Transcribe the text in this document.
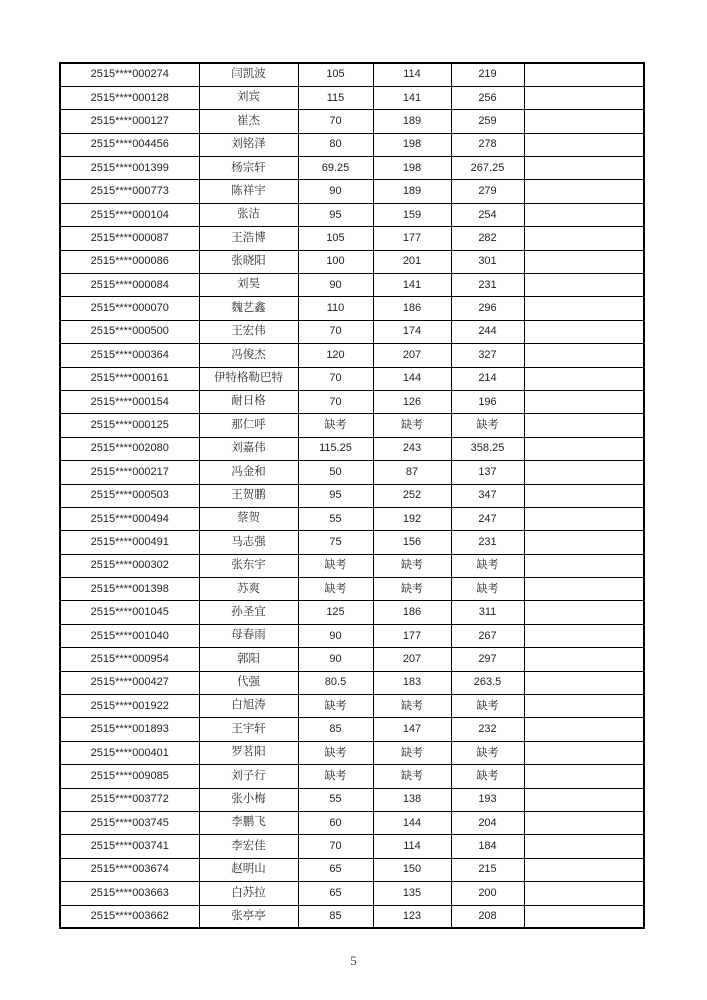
2515****000274	闫凯波	105	114	219	
2515****000128	刘宾	115	141	256	
2515****000127	崔杰	70	189	259	
2515****004456	刘铭泽	80	198	278	
2515****001399	杨宗轩	69.25	198	267.25	
2515****000773	陈祥宇	90	189	279	
2515****000104	张洁	95	159	254	
2515****000087	王浩博	105	177	282	
2515****000086	张晓阳	100	201	301	
2515****000084	刘昊	90	141	231	
2515****000070	魏艺鑫	110	186	296	
2515****000500	王宏伟	70	174	244	
2515****000364	冯俊杰	120	207	327	
2515****000161	伊特格勒巴特	70	144	214	
2515****000154	耐日格	70	126	196	
2515****000125	那仁呼	缺考	缺考	缺考	
2515****002080	刘嘉伟	115.25	243	358.25	
2515****000217	冯金和	50	87	137	
2515****000503	王贺鹏	95	252	347	
2515****000494	蔡贺	55	192	247	
2515****000491	马志强	75	156	231	
2515****000302	张东宇	缺考	缺考	缺考	
2515****001398	苏爽	缺考	缺考	缺考	
2515****001045	孙圣宜	125	186	311	
2515****001040	母春雨	90	177	267	
2515****000954	郭阳	90	207	297	
2515****000427	代强	80.5	183	263.5	
2515****001922	白旭涛	缺考	缺考	缺考	
2515****001893	王宇轩	85	147	232	
2515****000401	罗茗阳	缺考	缺考	缺考	
2515****009085	刘子行	缺考	缺考	缺考	
2515****003772	张小梅	55	138	193	
2515****003745	李鹏飞	60	144	204	
2515****003741	李宏佳	70	114	184	
2515****003674	赵明山	65	150	215	
2515****003663	白苏拉	65	135	200	
2515****003662	张亭亭	85	123	208	
5
